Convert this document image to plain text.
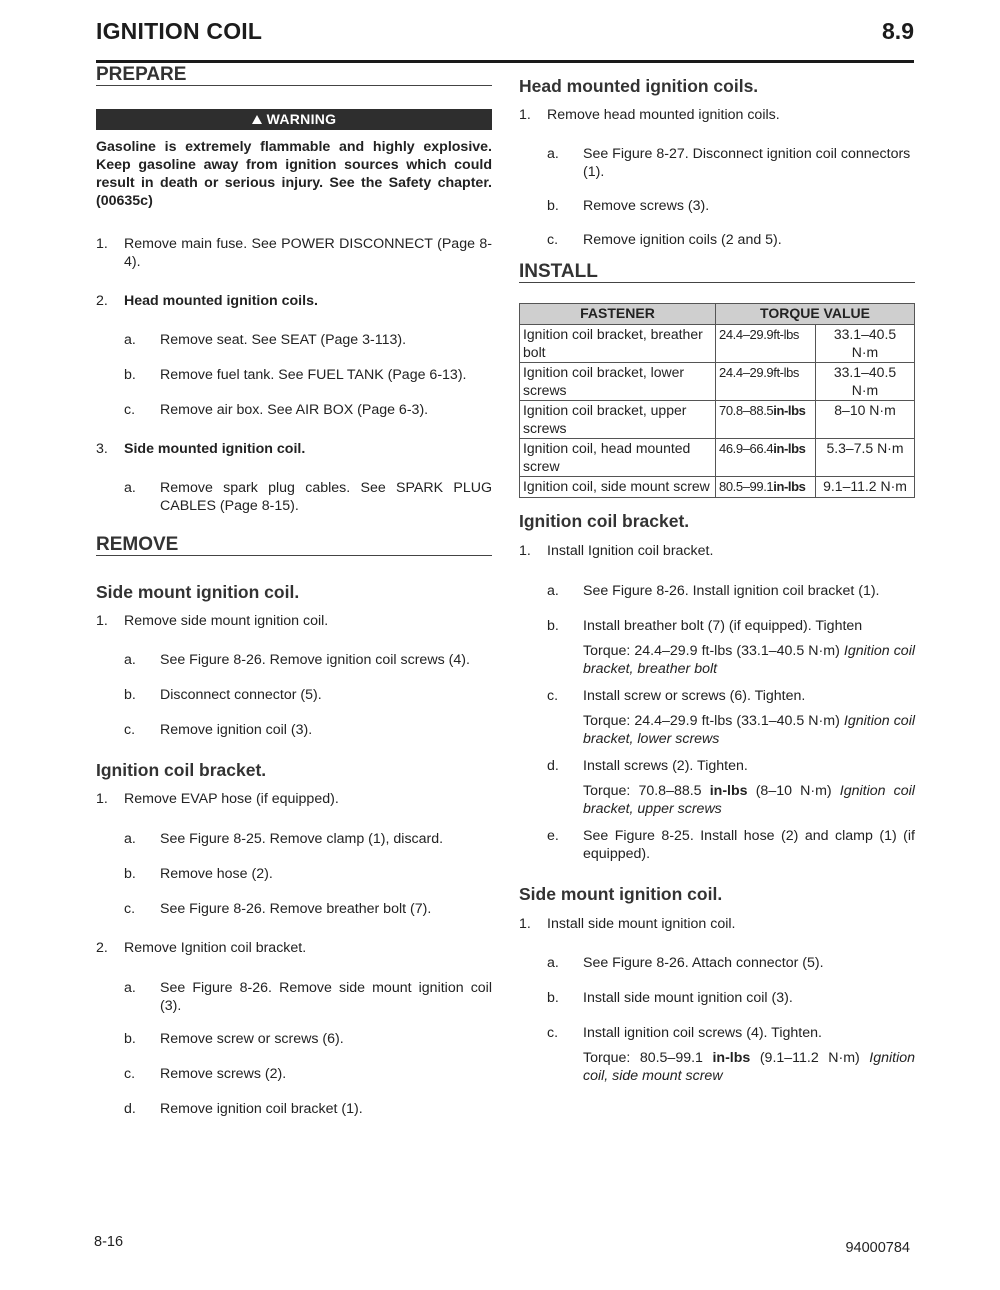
IGNITION COIL	8.9
PREPARE
WARNING
Gasoline is extremely flammable and highly explosive. Keep gasoline away from ignition sources which could result in death or serious injury. See the Safety chapter. (00635c)
1. Remove main fuse. See POWER DISCONNECT (Page 8-4).
2. Head mounted ignition coils.
a. Remove seat. See SEAT (Page 3-113).
b. Remove fuel tank. See FUEL TANK (Page 6-13).
c. Remove air box. See AIR BOX (Page 6-3).
3. Side mounted ignition coil.
a. Remove spark plug cables. See SPARK PLUG CABLES (Page 8-15).
REMOVE
Side mount ignition coil.
1. Remove side mount ignition coil.
a. See Figure 8-26. Remove ignition coil screws (4).
b. Disconnect connector (5).
c. Remove ignition coil (3).
Ignition coil bracket.
1. Remove EVAP hose (if equipped).
a. See Figure 8-25. Remove clamp (1), discard.
b. Remove hose (2).
c. See Figure 8-26. Remove breather bolt (7).
2. Remove Ignition coil bracket.
a. See Figure 8-26. Remove side mount ignition coil (3).
b. Remove screw or screws (6).
c. Remove screws (2).
d. Remove ignition coil bracket (1).
Head mounted ignition coils.
1. Remove head mounted ignition coils.
a. See Figure 8-27. Disconnect ignition coil connectors (1).
b. Remove screws (3).
c. Remove ignition coils (2 and 5).
INSTALL
FASTENER	TORQUE VALUE	
Ignition coil bracket, breather bolt	24.4–29.9ft-lbs	33.1–40.5 N·m
Ignition coil bracket, lower screws	24.4–29.9ft-lbs	33.1–40.5 N·m
Ignition coil bracket, upper screws	70.8–88.5in-lbs	8–10 N·m
Ignition coil, head mounted screw	46.9–66.4in-lbs	5.3–7.5 N·m
Ignition coil, side mount screw	80.5–99.1in-lbs	9.1–11.2 N·m
Ignition coil bracket.
1. Install Ignition coil bracket.
a. See Figure 8-26. Install ignition coil bracket (1).
b. Install breather bolt (7) (if equipped). Tighten
Torque: 24.4–29.9 ft-lbs (33.1–40.5 N·m) Ignition coil bracket, breather bolt
c. Install screw or screws (6). Tighten.
Torque: 24.4–29.9 ft-lbs (33.1–40.5 N·m) Ignition coil bracket, lower screws
d. Install screws (2). Tighten.
Torque: 70.8–88.5 in-lbs (8–10 N·m) Ignition coil bracket, upper screws
e. See Figure 8-25. Install hose (2) and clamp (1) (if equipped).
Side mount ignition coil.
1. Install side mount ignition coil.
a. See Figure 8-26. Attach connector (5).
b. Install side mount ignition coil (3).
c. Install ignition coil screws (4). Tighten.
Torque: 80.5–99.1 in-lbs (9.1–11.2 N·m) Ignition coil, side mount screw
8-16	94000784
